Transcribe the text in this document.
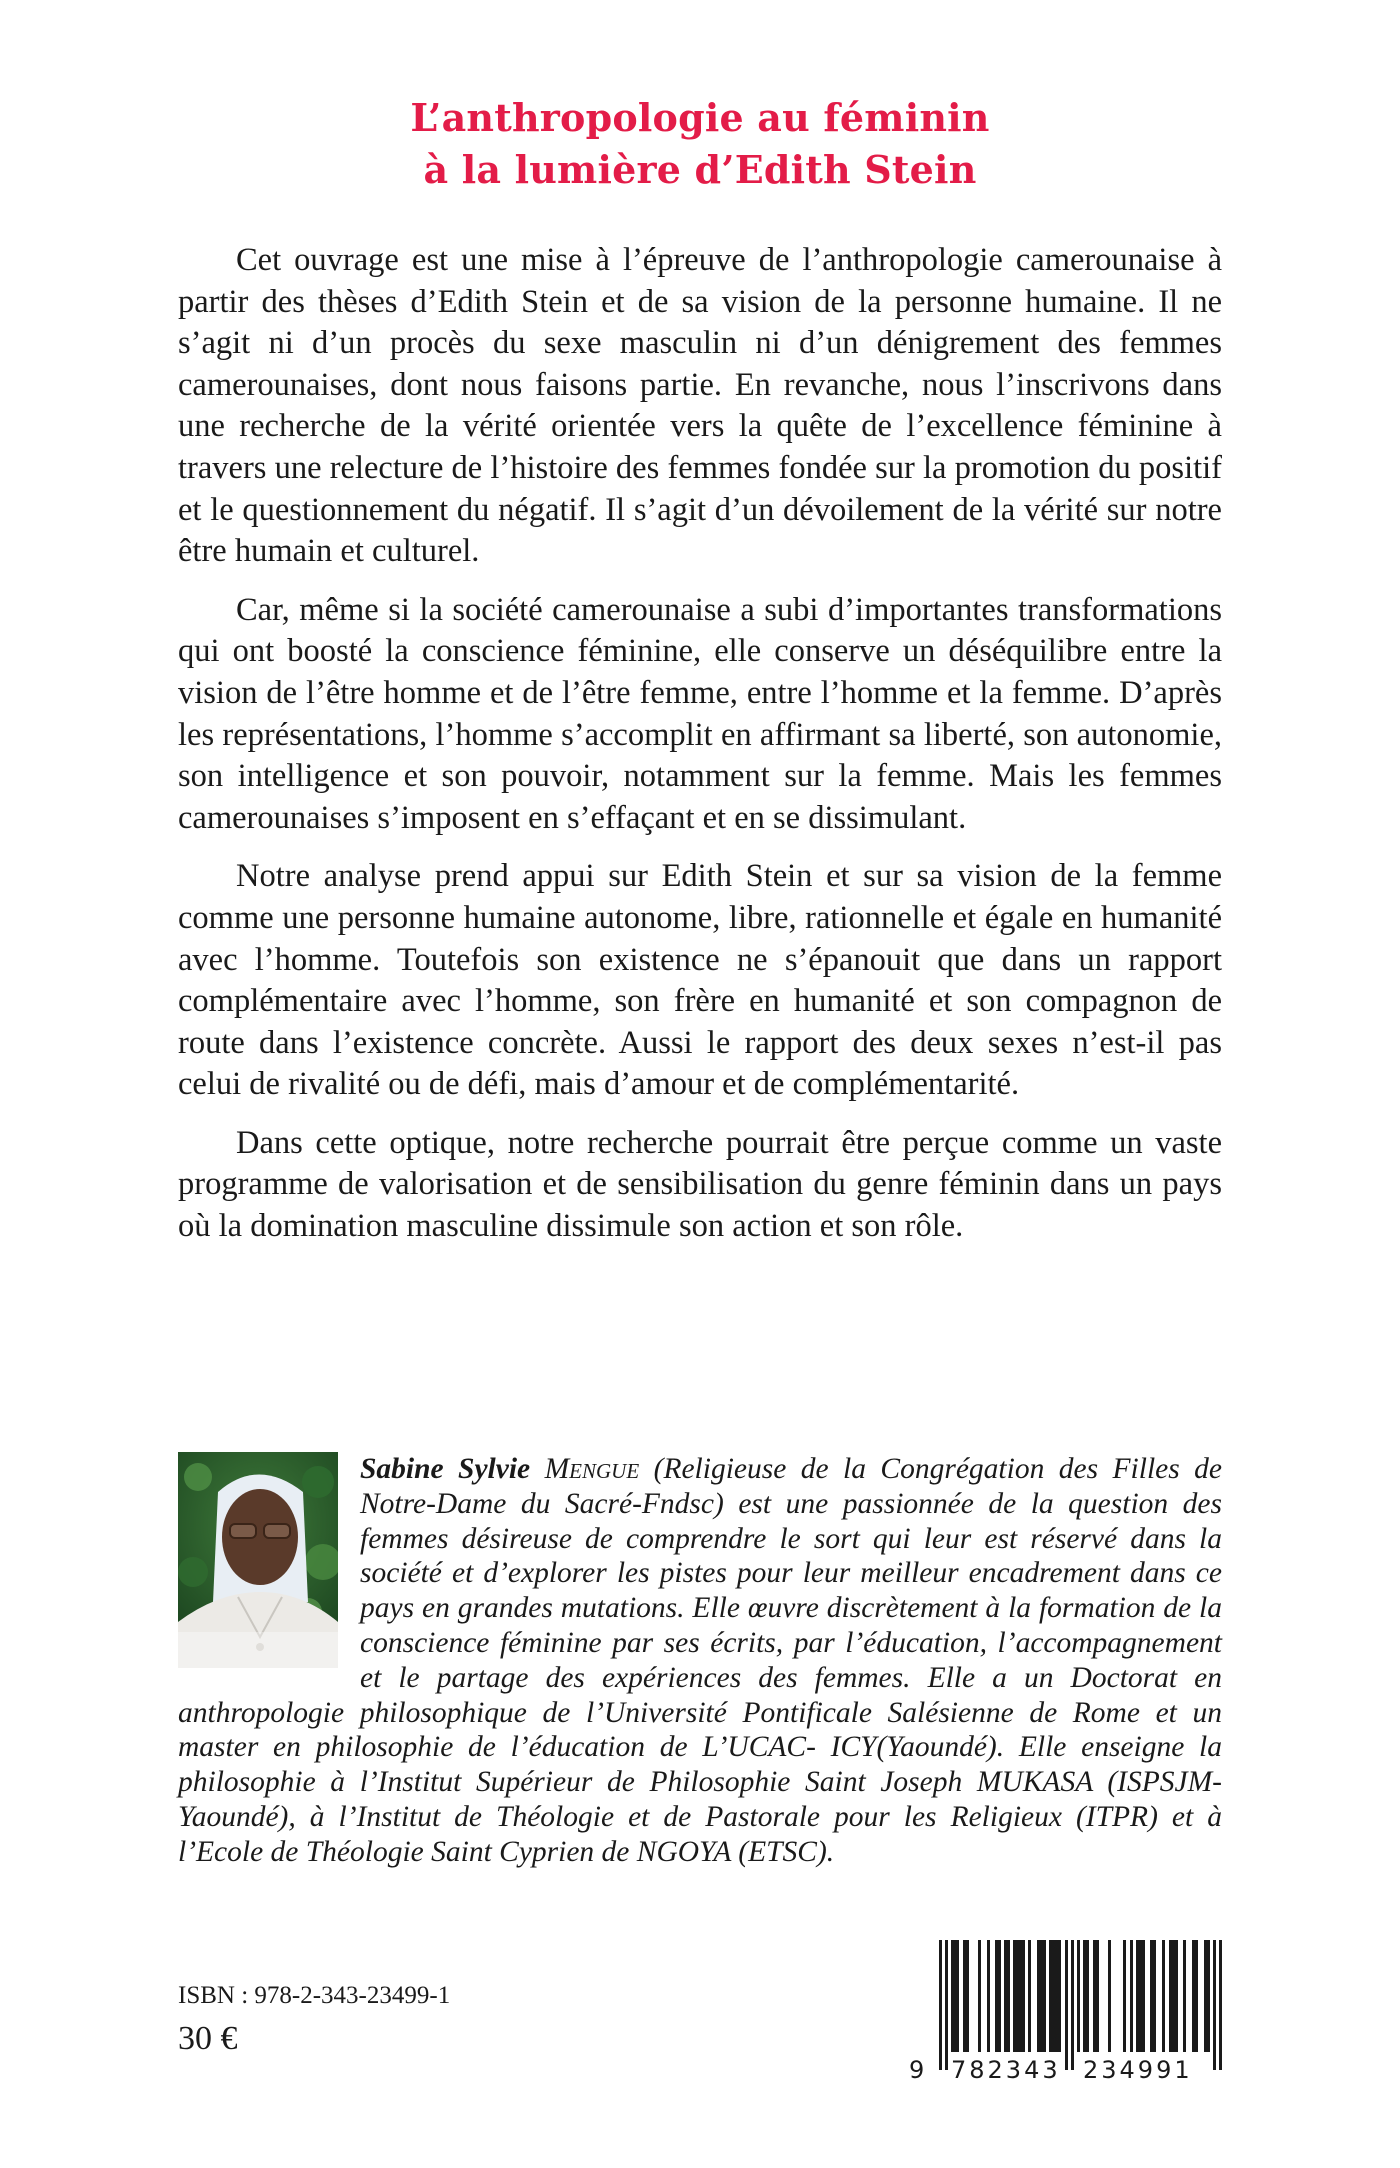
L’anthropologie au féminin
à la lumière d’Edith Stein

Cet ouvrage est une mise à l’épreuve de l’anthropologie camerounaise à partir des thèses d’Edith Stein et de sa vision de la personne humaine. Il ne s’agit ni d’un procès du sexe masculin ni d’un dénigrement des femmes camerounaises, dont nous faisons partie. En revanche, nous l’inscrivons dans une recherche de la vérité orientée vers la quête de l’excellence féminine à travers une relecture de l’histoire des femmes fondée sur la promotion du positif et le questionnement du négatif. Il s’agit d’un dévoilement de la vérité sur notre être humain et culturel.

Car, même si la société camerounaise a subi d’importantes transformations qui ont boosté la conscience féminine, elle conserve un déséquilibre entre la vision de l’être homme et de l’être femme, entre l’homme et la femme. D’après les représentations, l’homme s’accomplit en affirmant sa liberté, son autonomie, son intelligence et son pouvoir, notamment sur la femme. Mais les femmes camerounaises s’imposent en s’effaçant et en se dissimulant.

Notre analyse prend appui sur Edith Stein et sur sa vision de la femme comme une personne humaine autonome, libre, rationnelle et égale en humanité avec l’homme. Toutefois son existence ne s’épanouit que dans un rapport complémentaire avec l’homme, son frère en humanité et son compagnon de route dans l’existence concrète. Aussi le rapport des deux sexes n’est-il pas celui de rivalité ou de défi, mais d’amour et de complémentarité.

Dans cette optique, notre recherche pourrait être perçue comme un vaste programme de valorisation et de sensibilisation du genre féminin dans un pays où la domination masculine dissimule son action et son rôle.

Sabine Sylvie Mengue (Religieuse de la Congrégation des Filles de Notre-Dame du Sacré-Fndsc) est une passionnée de la question des femmes désireuse de comprendre le sort qui leur est réservé dans la société et d’explorer les pistes pour leur meilleur encadrement dans ce pays en grandes mutations. Elle œuvre discrètement à la formation de la conscience féminine par ses écrits, par l’éducation, l’accompagnement et le partage des expériences des femmes. Elle a un Doctorat en anthropologie philosophique de l’Université Pontificale Salésienne de Rome et un master en philosophie de l’éducation de L’UCAC- ICY(Yaoundé). Elle enseigne la philosophie à l’Institut Supérieur de Philosophie Saint Joseph MUKASA (ISPSJM-Yaoundé), à l’Institut de Théologie et de Pastorale pour les Religieux (ITPR) et à l’Ecole de Théologie Saint Cyprien de NGOYA (ETSC).
ISBN : 978-2-343-23499-1
30 €
9 782343 234991
